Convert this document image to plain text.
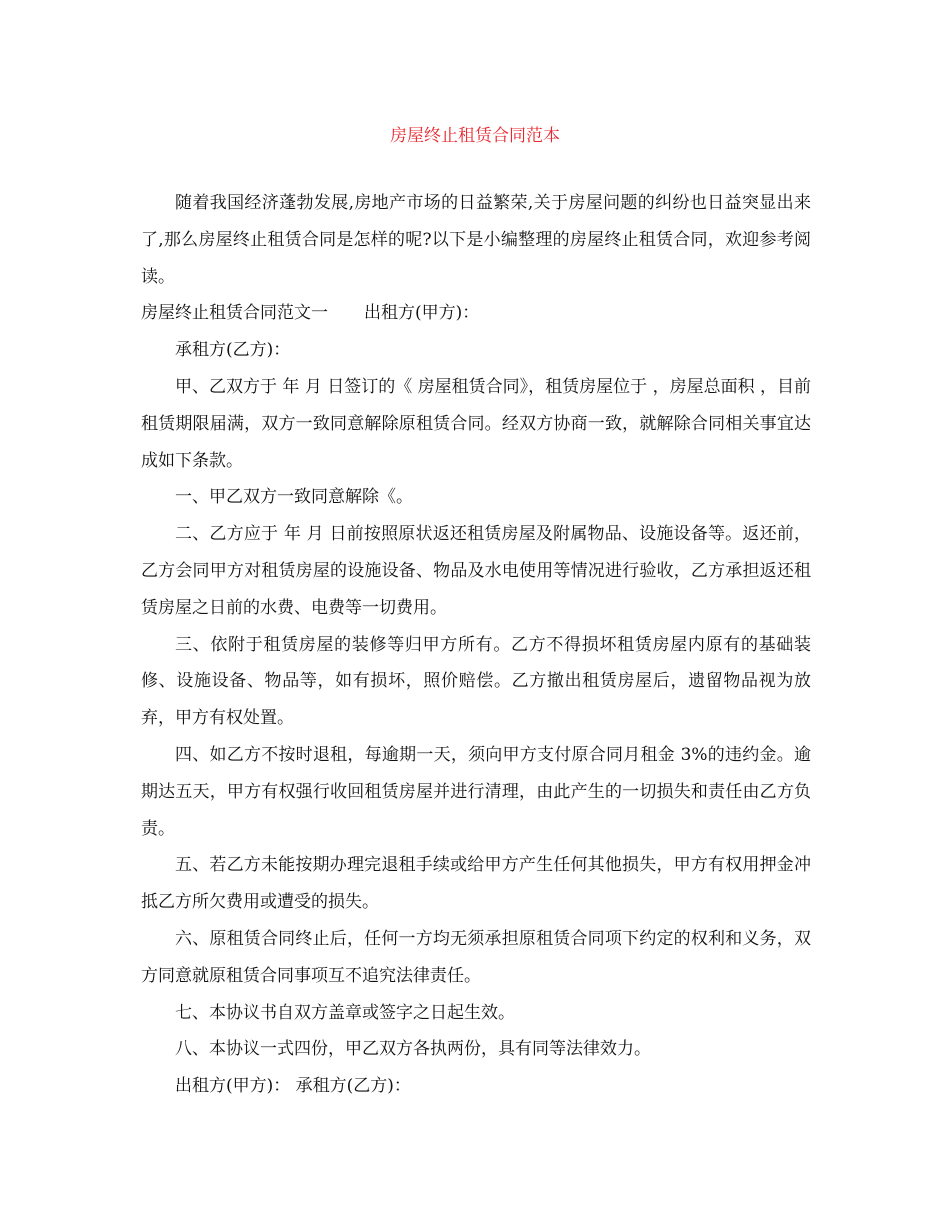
房屋终止租赁合同范本

随着我国经济蓬勃发展,房地产市场的日益繁荣,关于房屋问题的纠纷也日益突显出来了,那么房屋终止租赁合同是怎样的呢?以下是小编整理的房屋终止租赁合同，欢迎参考阅读。

房屋终止租赁合同范文一 出租方(甲方)：

承租方(乙方)：

甲、乙双方于 年 月 日签订的《 房屋租赁合同》，租赁房屋位于 ，房屋总面积 ，目前租赁期限届满，双方一致同意解除原租赁合同。经双方协商一致，就解除合同相关事宜达成如下条款。

一、甲乙双方一致同意解除《。

二、乙方应于 年 月 日前按照原状返还租赁房屋及附属物品、设施设备等。返还前，乙方会同甲方对租赁房屋的设施设备、物品及水电使用等情况进行验收，乙方承担返还租赁房屋之日前的水费、电费等一切费用。

三、依附于租赁房屋的装修等归甲方所有。乙方不得损坏租赁房屋内原有的基础装修、设施设备、物品等，如有损坏，照价赔偿。乙方撤出租赁房屋后，遗留物品视为放弃，甲方有权处置。

四、如乙方不按时退租，每逾期一天，须向甲方支付原合同月租金 3%的违约金。逾期达五天，甲方有权强行收回租赁房屋并进行清理，由此产生的一切损失和责任由乙方负责。

五、若乙方未能按期办理完退租手续或给甲方产生任何其他损失，甲方有权用押金冲抵乙方所欠费用或遭受的损失。

六、原租赁合同终止后，任何一方均无须承担原租赁合同项下约定的权利和义务，双方同意就原租赁合同事项互不追究法律责任。

七、本协议书自双方盖章或签字之日起生效。

八、本协议一式四份，甲乙双方各执两份，具有同等法律效力。

出租方(甲方)： 承租方(乙方)：
